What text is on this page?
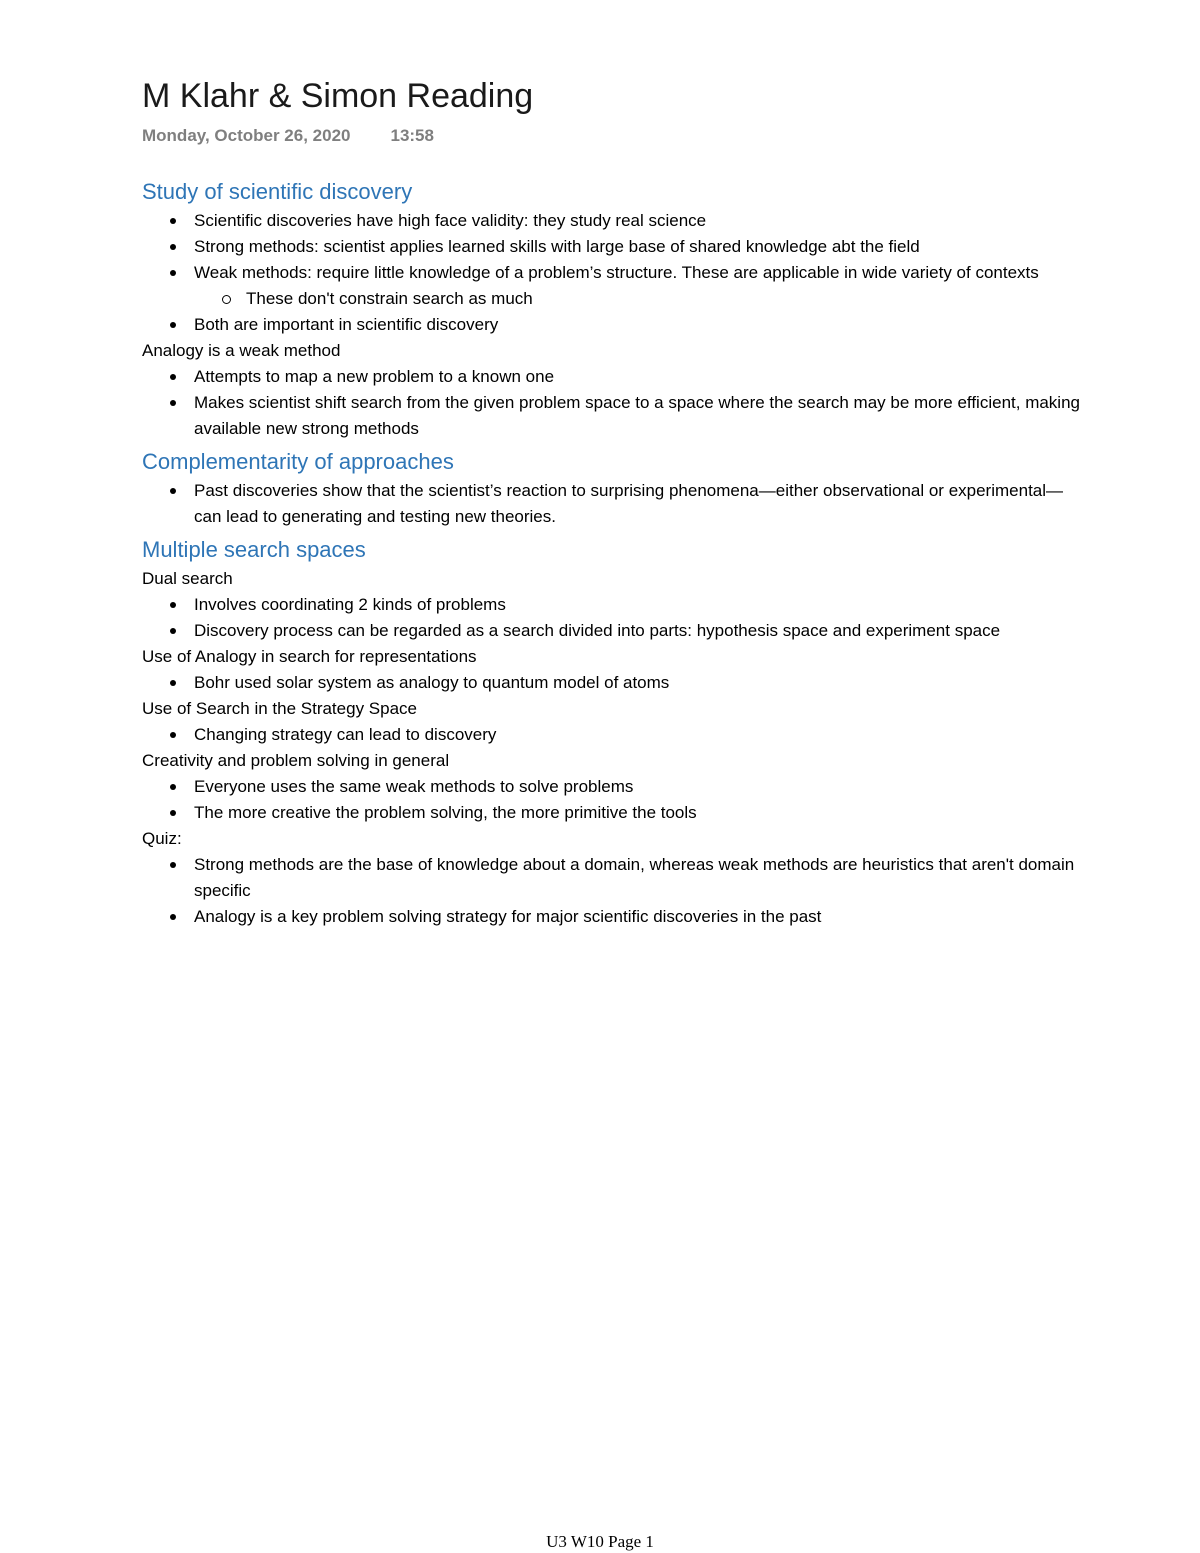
M Klahr & Simon Reading
Monday, October 26, 2020 13:58
Study of scientific discovery
Scientific discoveries have high face validity: they study real science
Strong methods: scientist applies learned skills with large base of shared knowledge abt the field
Weak methods: require little knowledge of a problem’s structure. These are applicable in wide variety of contexts
These don't constrain search as much
Both are important in scientific discovery

Analogy is a weak method

Attempts to map a new problem to a known one
Makes scientist shift search from the given problem space to a space where the search may be more efficient, making available new strong methods
Complementarity of approaches
Past discoveries show that the scientist’s reaction to surprising phenomena—either observational or experimental—can lead to generating and testing new theories.
Multiple search spaces

Dual search

Involves coordinating 2 kinds of problems
Discovery process can be regarded as a search divided into parts: hypothesis space and experiment space

Use of Analogy in search for representations

Bohr used solar system as analogy to quantum model of atoms

Use of Search in the Strategy Space

Changing strategy can lead to discovery

Creativity and problem solving in general

Everyone uses the same weak methods to solve problems
The more creative the problem solving, the more primitive the tools

Quiz:

Strong methods are the base of knowledge about a domain, whereas weak methods are heuristics that aren't domain specific
Analogy is a key problem solving strategy for major scientific discoveries in the past
U3 W10 Page 1
